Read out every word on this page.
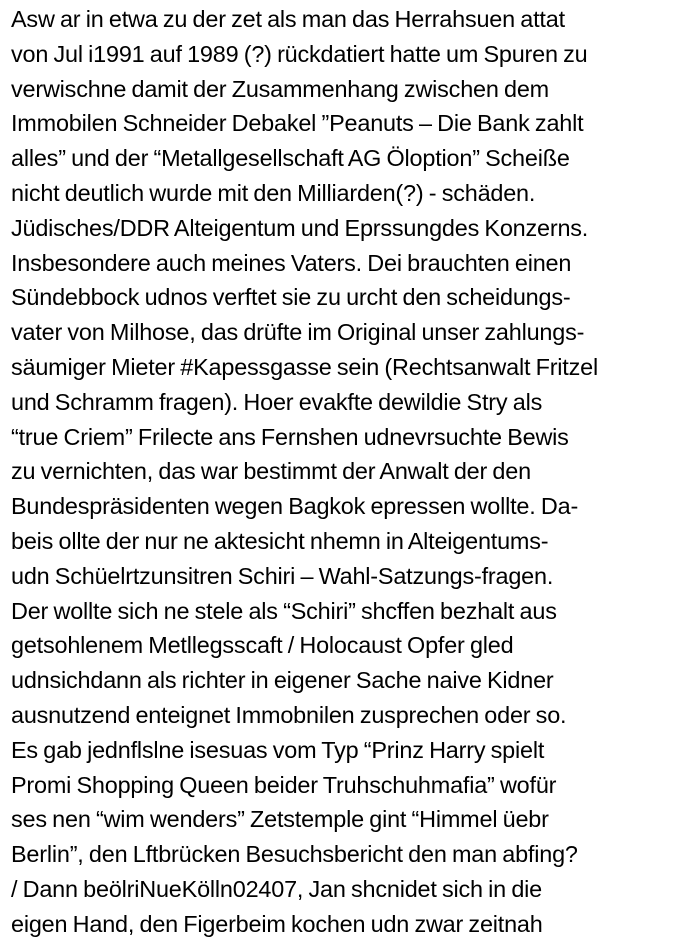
Asw ar in etwa zu der zet als man das Herrahsuen attat
von Jul i1991 auf 1989 (?) rückdatiert hatte um Spuren zu
verwischne damit der Zusammenhang zwischen dem
Immobilen Schneider Debakel ”Peanuts – Die Bank zahlt
alles” und der “Metallgesellschaft AG Öloption” Scheiße
nicht deutlich wurde mit den Milliarden(?) - schäden.
Jüdisches/DDR Alteigentum und Eprssungdes Konzerns.
Insbesondere auch meines Vaters. Dei brauchten einen
Sündebbock udnos verftet sie zu urcht den scheidungs-
vater von Milhose, das drüfte im Original unser zahlungs-
säumiger Mieter #Kapessgasse sein (Rechtsanwalt Fritzel
und Schramm fragen). Hoer evakfte dewildie Stry als
“true Criem” Frilecte ans Fernshen udnevrsuchte Bewis
zu vernichten, das war bestimmt der Anwalt der den
Bundespräsidenten wegen Bagkok epressen wollte. Da-
beis ollte der nur ne aktesicht nhemn in Alteigentums-
udn Schüelrtzunsitren Schiri – Wahl-Satzungs-fragen.
Der wollte sich ne stele als “Schiri” shcffen bezhalt aus
getsohlenem Metllegsscaft / Holocaust Opfer gled
udnsichdann als richter in eigener Sache naive Kidner
ausnutzend enteignet Immobnilen zusprechen oder so.
Es gab jednflslne isesuas vom Typ “Prinz Harry spielt
Promi Shopping Queen beider Truhschuhmafia” wofür
ses nen “wim wenders” Zetstemple gint “Himmel üebr
Berlin”, den Lftbrücken Besuchsbericht den man abfing?
/ Dann beölriNueKölln02407, Jan shcnidet sich in die
eigen Hand, den Figerbeim kochen udn zwar zeitnah
